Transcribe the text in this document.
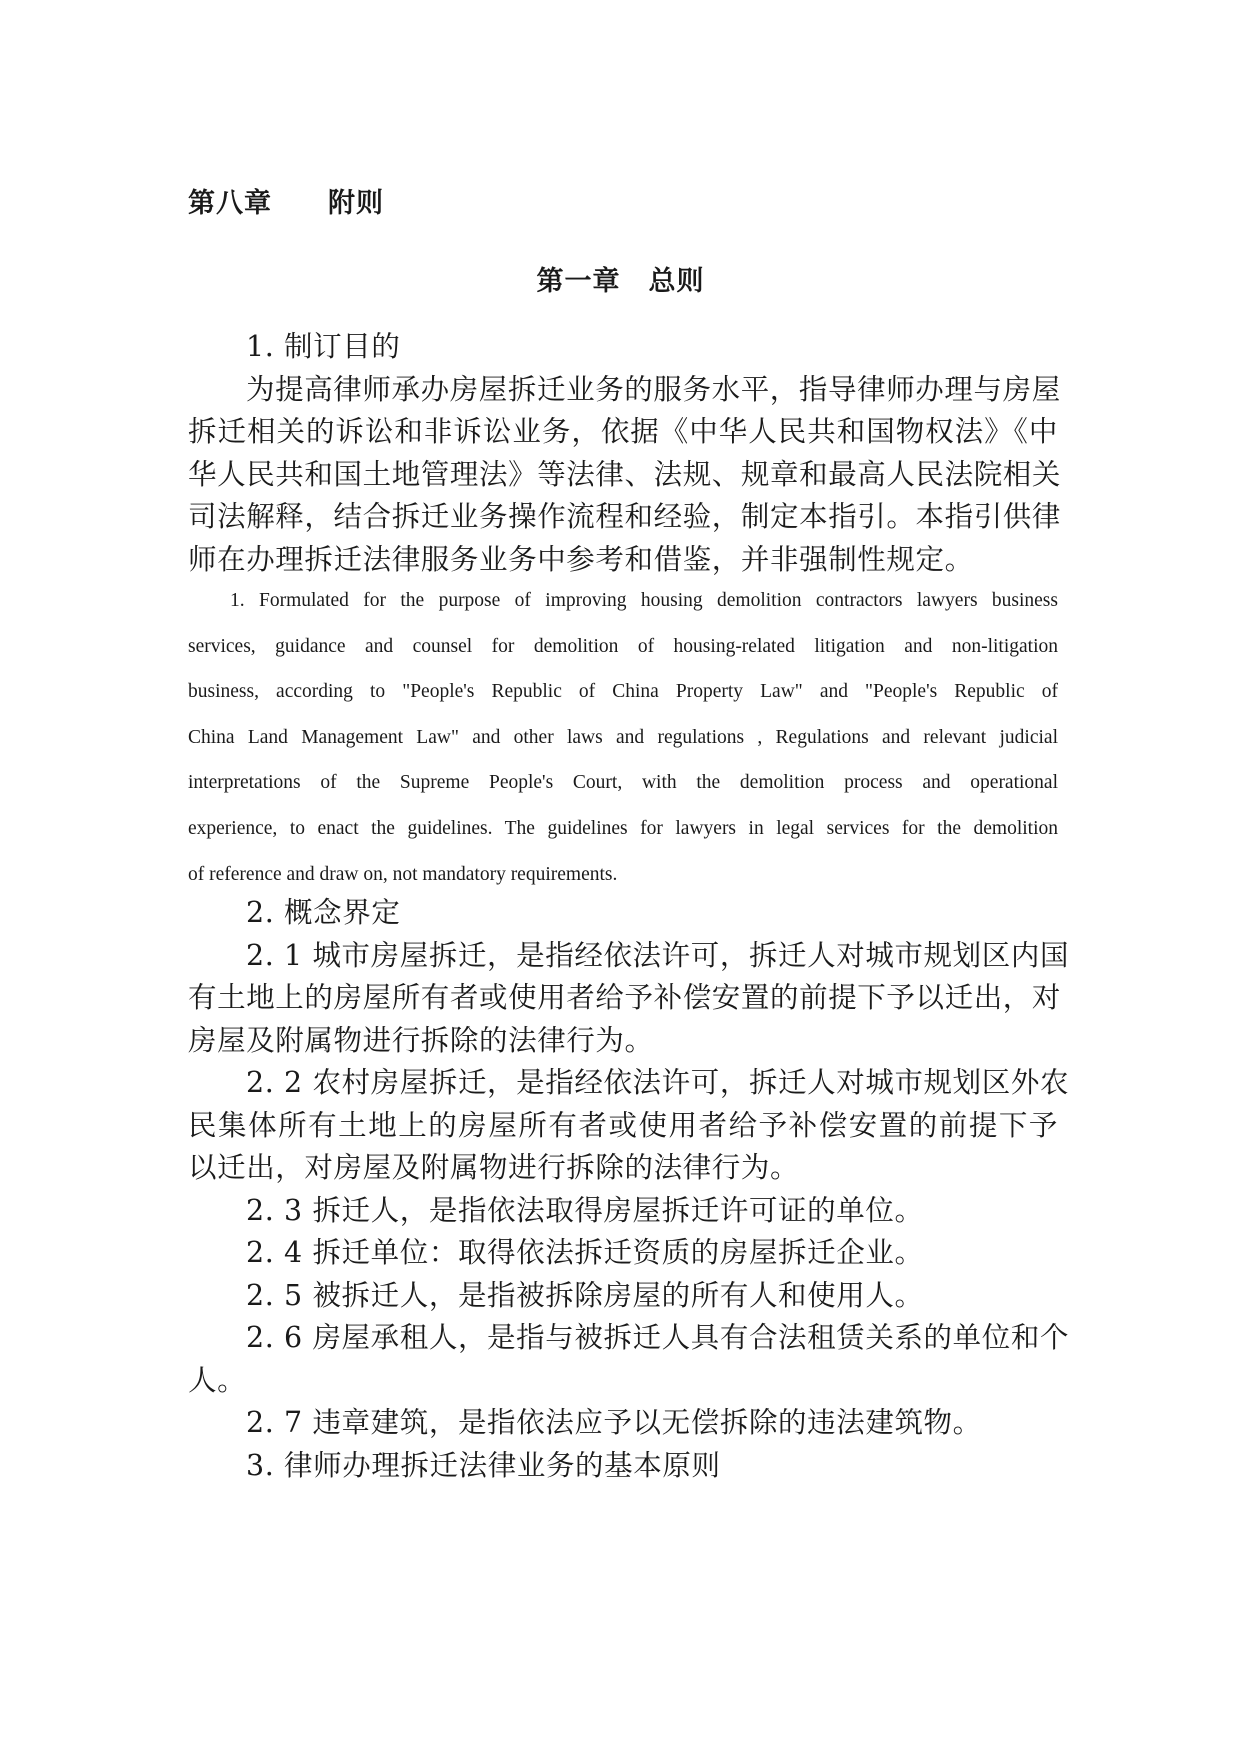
第八章　　附则
第一章　总则
1. 制订目的
为提高律师承办房屋拆迁业务的服务水平，指导律师办理与房屋
拆迁相关的诉讼和非诉讼业务，依据《中华人民共和国物权法》《中
华人民共和国土地管理法》等法律、法规、规章和最高人民法院相关
司法解释，结合拆迁业务操作流程和经验，制定本指引。本指引供律
师在办理拆迁法律服务业务中参考和借鉴，并非强制性规定。
1. Formulated for the purpose of improving housing demolition contractors lawyers business
services, guidance and counsel for demolition of housing-related litigation and non-litigation
business, according to "People's Republic of China Property Law" and "People's Republic of
China Land Management Law" and other laws and regulations , Regulations and relevant judicial
interpretations of the Supreme People's Court, with the demolition process and operational
experience, to enact the guidelines. The guidelines for lawyers in legal services for the demolition
of reference and draw on, not mandatory requirements.
2. 概念界定
2. 1 城市房屋拆迁，是指经依法许可，拆迁人对城市规划区内国
有土地上的房屋所有者或使用者给予补偿安置的前提下予以迁出，对
房屋及附属物进行拆除的法律行为。
2. 2 农村房屋拆迁，是指经依法许可，拆迁人对城市规划区外农
民集体所有土地上的房屋所有者或使用者给予补偿安置的前提下予
以迁出，对房屋及附属物进行拆除的法律行为。
2. 3 拆迁人，是指依法取得房屋拆迁许可证的单位。
2. 4 拆迁单位：取得依法拆迁资质的房屋拆迁企业。
2. 5 被拆迁人，是指被拆除房屋的所有人和使用人。
2. 6 房屋承租人，是指与被拆迁人具有合法租赁关系的单位和个
人。
2. 7 违章建筑，是指依法应予以无偿拆除的违法建筑物。
3. 律师办理拆迁法律业务的基本原则
